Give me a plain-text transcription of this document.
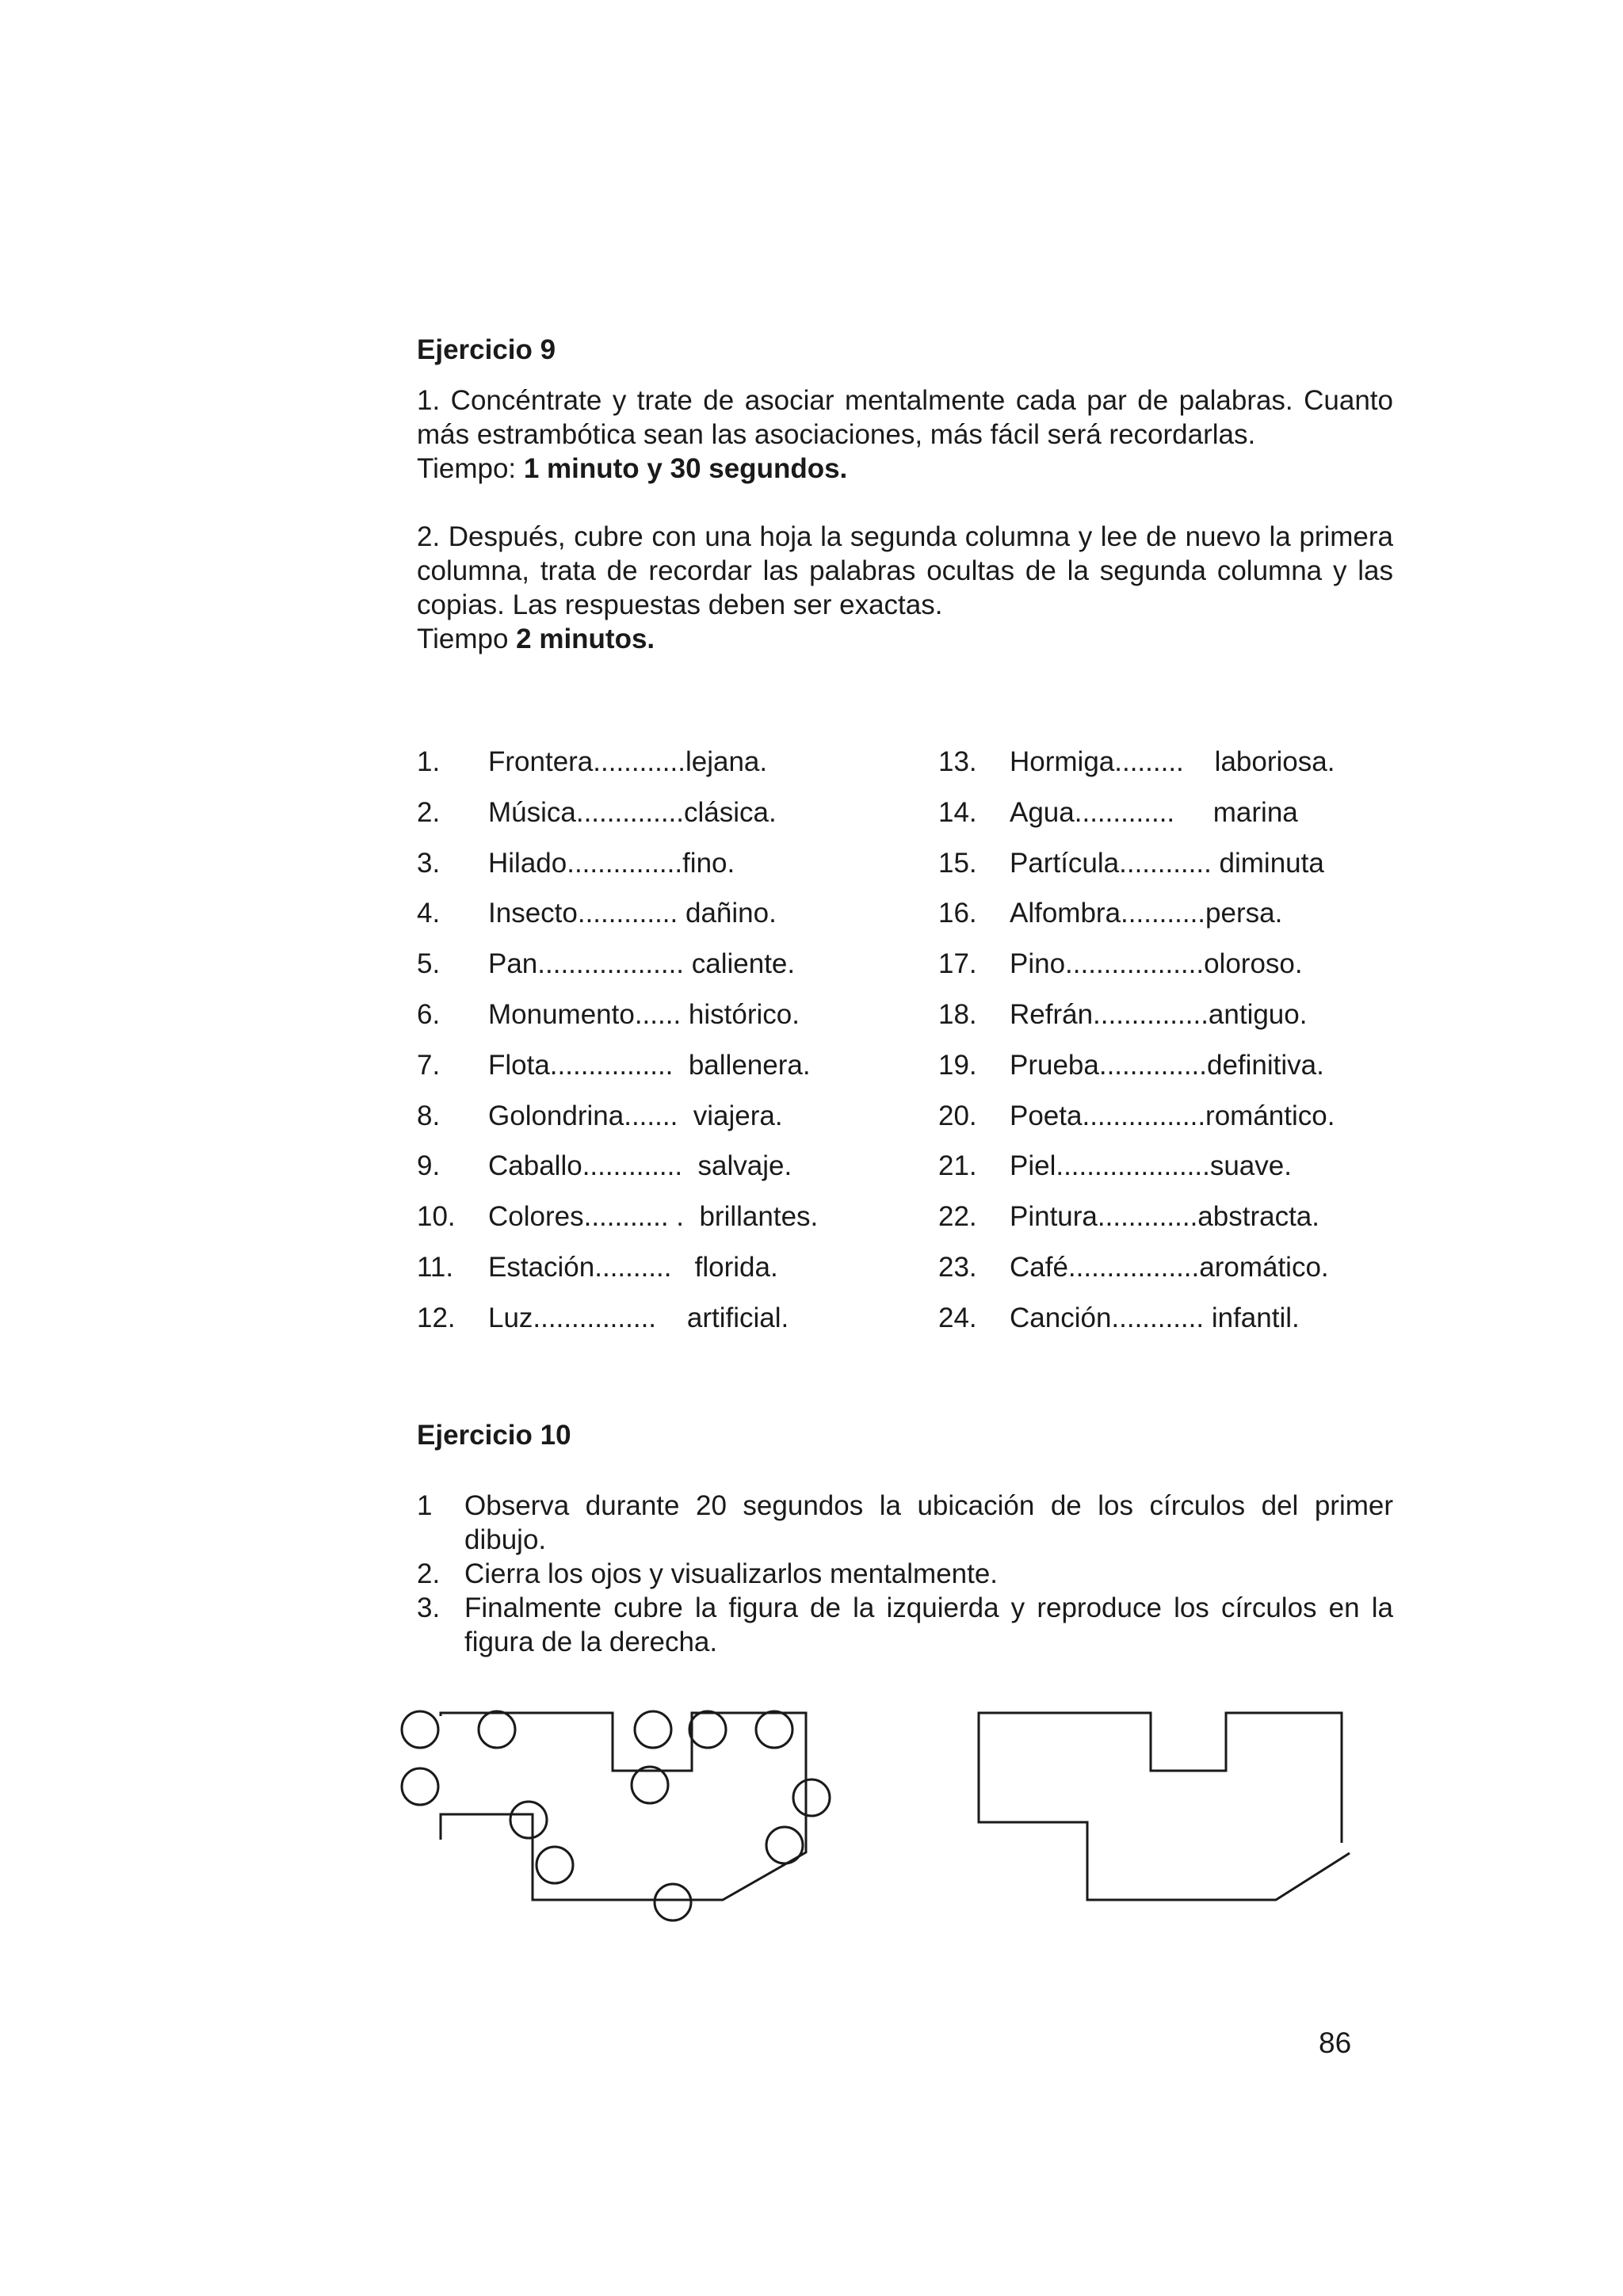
Ejercicio 9

1. Concéntrate y trate de asociar mentalmente cada par de palabras. Cuanto más estrambótica sean las asociaciones, más fácil será recordarlas.
Tiempo: 1 minuto y 30 segundos.

2. Después, cubre con una hoja la segunda columna y lee de nuevo la primera columna, trata de recordar las palabras ocultas de la segunda columna y las copias. Las respuestas deben ser exactas.
Tiempo 2 minutos.

1. Frontera............lejana.
2. Música..............clásica.
3. Hilado...............fino.
4. Insecto............. dañino.
5. Pan................... caliente.
6. Monumento...... histórico.
7. Flota................  ballenera.
8. Golondrina.......  viajera.
9. Caballo.............  salvaje.
10. Colores........... .  brillantes.
11. Estación..........   florida.
12. Luz................    artificial.
13. Hormiga.........    laboriosa.
14. Agua.............     marina
15. Partícula............ diminuta
16. Alfombra...........persa.
17. Pino..................oloroso.
18. Refrán...............antiguo.
19. Prueba..............definitiva.
20. Poeta................romántico.
21. Piel....................suave.
22. Pintura.............abstracta.
23. Café.................aromático.
24. Canción............ infantil.
Ejercicio 10
1 Observa durante 20 segundos la ubicación de los círculos del primer dibujo.
2. Cierra los ojos y visualizarlos mentalmente.
3. Finalmente cubre la figura de la izquierda y reproduce los círculos en la figura de la derecha.
86
